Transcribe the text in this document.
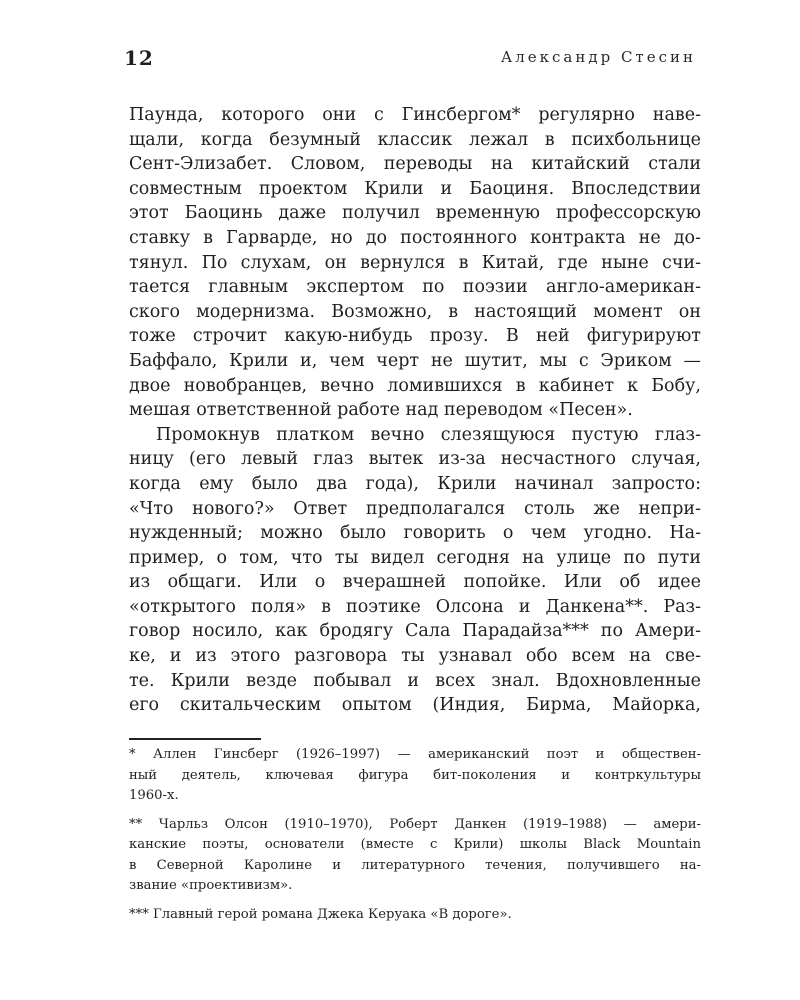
12	Александр Стесин
Паунда, которого они с Гинсбергом* регулярно наве-
щали, когда безумный классик лежал в психбольнице
Сент-Элизабет. Словом, переводы на китайский стали
совместным проектом Крили и Баоциня. Впоследствии
этот Баоцинь даже получил временную профессорскую
ставку в Гарварде, но до постоянного контракта не до-
тянул. По слухам, он вернулся в Китай, где ныне счи-
тается главным экспертом по поэзии англо-американ-
ского модернизма. Возможно, в настоящий момент он
тоже строчит какую-нибудь прозу. В ней фигурируют
Баффало, Крили и, чем черт не шутит, мы с Эриком —
двое новобранцев, вечно ломившихся в кабинет к Бобу,
мешая ответственной работе над переводом «Песен».
Промокнув платком вечно слезящуюся пустую глаз-
ницу (его левый глаз вытек из-за несчастного случая,
когда ему было два года), Крили начинал запросто:
«Что нового?» Ответ предполагался столь же непри-
нужденный; можно было говорить о чем угодно. На-
пример, о том, что ты видел сегодня на улице по пути
из общаги. Или о вчерашней попойке. Или об идее
«открытого поля» в поэтике Олсона и Данкена**. Раз-
говор носило, как бродягу Сала Парадайза*** по Амери-
ке, и из этого разговора ты узнавал обо всем на све-
те. Крили везде побывал и всех знал. Вдохновленные
его скитальческим опытом (Индия, Бирма, Майорка,
* Аллен Гинсберг (1926–1997) — американский поэт и обществен-
ный деятель, ключевая фигура бит-поколения и контркультуры
1960-х.
** Чарльз Олсон (1910–1970), Роберт Данкен (1919–1988) — амери-
канские поэты, основатели (вместе с Крили) школы Black Mountain
в Северной Каролине и литературного течения, получившего на-
звание «проективизм».
*** Главный герой романа Джека Керуака «В дороге».
